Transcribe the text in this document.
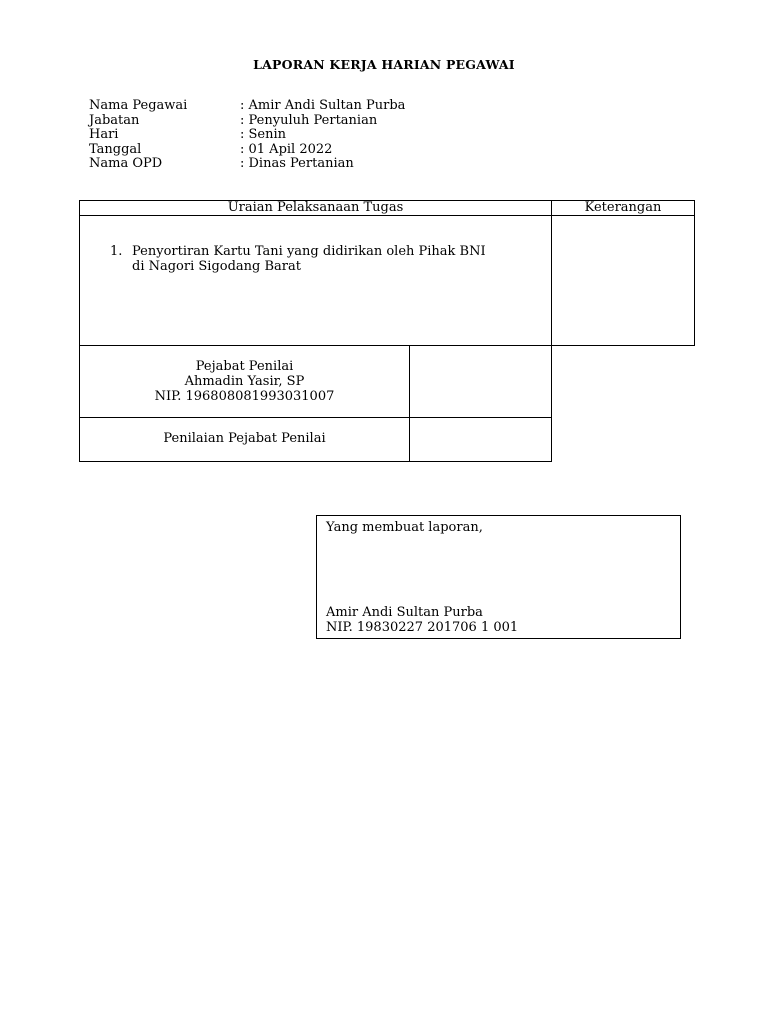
LAPORAN KERJA HARIAN PEGAWAI
Nama Pegawai	: Amir Andi Sultan Purba
Jabatan	: Penyuluh Pertanian
Hari	: Senin
Tanggal	: 01 Apil 2022
Nama OPD	: Dinas Pertanian
Uraian Pelaksanaan Tugas	Keterangan
1. Penyortiran Kartu Tani yang didirikan oleh Pihak BNI
di Nagori Sigodang Barat
Pejabat Penilai
Ahmadin Yasir, SP
NIP. 196808081993031007
Penilaian Pejabat Penilai
Yang membuat laporan,
Amir Andi Sultan Purba
NIP. 19830227 201706 1 001
